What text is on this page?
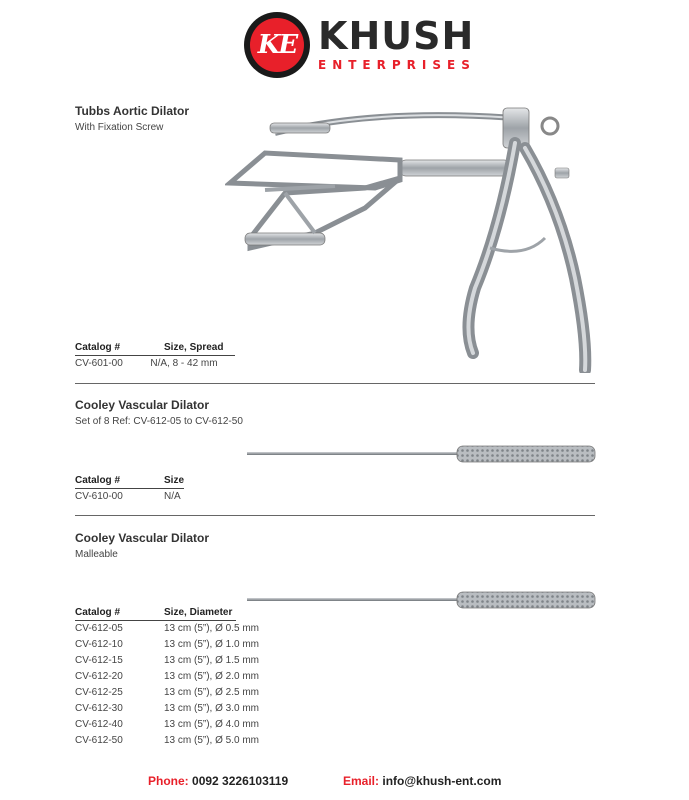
KE KHUSH
ENTERPRISES
Tubbs Aortic Dilator
With Fixation Screw
Catalog #	Size, Spread
CV-601-00	N/A, 8 - 42 mm
Cooley Vascular Dilator
Set of 8 Ref: CV-612-05 to CV-612-50
Catalog #	Size
CV-610-00	N/A
Cooley Vascular Dilator
Malleable
Catalog #	Size, Diameter
CV-612-05	13 cm (5”), Ø 0.5 mm
CV-612-10	13 cm (5”), Ø 1.0 mm
CV-612-15	13 cm (5”), Ø 1.5 mm
CV-612-20	13 cm (5”), Ø 2.0 mm
CV-612-25	13 cm (5”), Ø 2.5 mm
CV-612-30	13 cm (5”), Ø 3.0 mm
CV-612-40	13 cm (5”), Ø 4.0 mm
CV-612-50	13 cm (5”), Ø 5.0 mm
Phone: 0092 3226103119	Email: info@khush-ent.com
